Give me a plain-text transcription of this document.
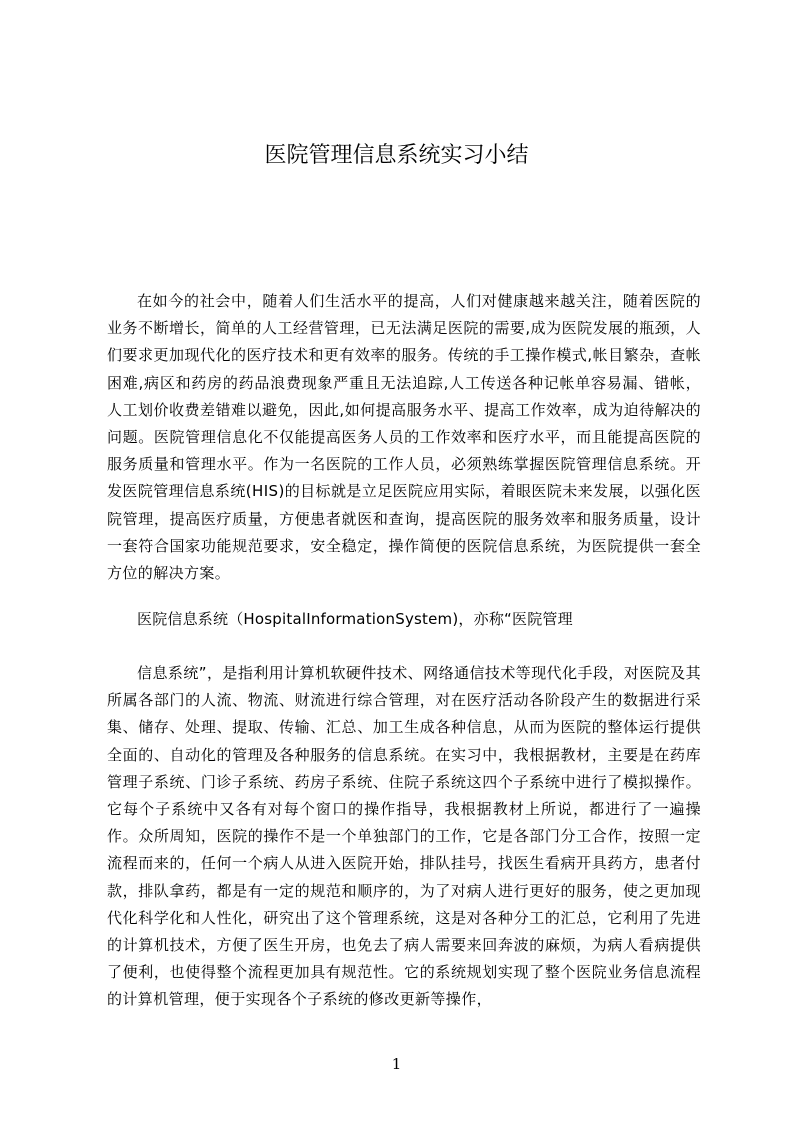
医院管理信息系统实习小结

在如今的社会中，随着人们生活水平的提高，人们对健康越来越关注，随着医院的业务不断增长，简单的人工经营管理，已无法满足医院的需要,成为医院发展的瓶颈，人们要求更加现代化的医疗技术和更有效率的服务。传统的手工操作模式,帐目繁杂，查帐困难,病区和药房的药品浪费现象严重且无法追踪,人工传送各种记帐单容易漏、错帐，人工划价收费差错难以避免，因此,如何提高服务水平、提高工作效率，成为迫待解决的问题。医院管理信息化不仅能提高医务人员的工作效率和医疗水平，而且能提高医院的服务质量和管理水平。作为一名医院的工作人员，必须熟练掌握医院管理信息系统。开发医院管理信息系统(HIS)的目标就是立足医院应用实际，着眼医院未来发展，以强化医院管理，提高医疗质量，方便患者就医和查询，提高医院的服务效率和服务质量，设计一套符合国家功能规范要求，安全稳定，操作简便的医院信息系统，为医院提供一套全方位的解决方案。

医院信息系统（HospitalInformationSystem)，亦称“医院管理

信息系统”，是指利用计算机软硬件技术、网络通信技术等现代化手段，对医院及其所属各部门的人流、物流、财流进行综合管理，对在医疗活动各阶段产生的数据进行采集、储存、处理、提取、传输、汇总、加工生成各种信息，从而为医院的整体运行提供全面的、自动化的管理及各种服务的信息系统。在实习中，我根据教材，主要是在药库管理子系统、门诊子系统、药房子系统、住院子系统这四个子系统中进行了模拟操作。它每个子系统中又各有对每个窗口的操作指导，我根据教材上所说，都进行了一遍操作。众所周知，医院的操作不是一个单独部门的工作，它是各部门分工合作，按照一定流程而来的，任何一个病人从进入医院开始，排队挂号，找医生看病开具药方，患者付款，排队拿药，都是有一定的规范和顺序的，为了对病人进行更好的服务，使之更加现代化科学化和人性化，研究出了这个管理系统，这是对各种分工的汇总，它利用了先进的计算机技术，方便了医生开房，也免去了病人需要来回奔波的麻烦，为病人看病提供了便利，也使得整个流程更加具有规范性。它的系统规划实现了整个医院业务信息流程的计算机管理，便于实现各个子系统的修改更新等操作，

1
